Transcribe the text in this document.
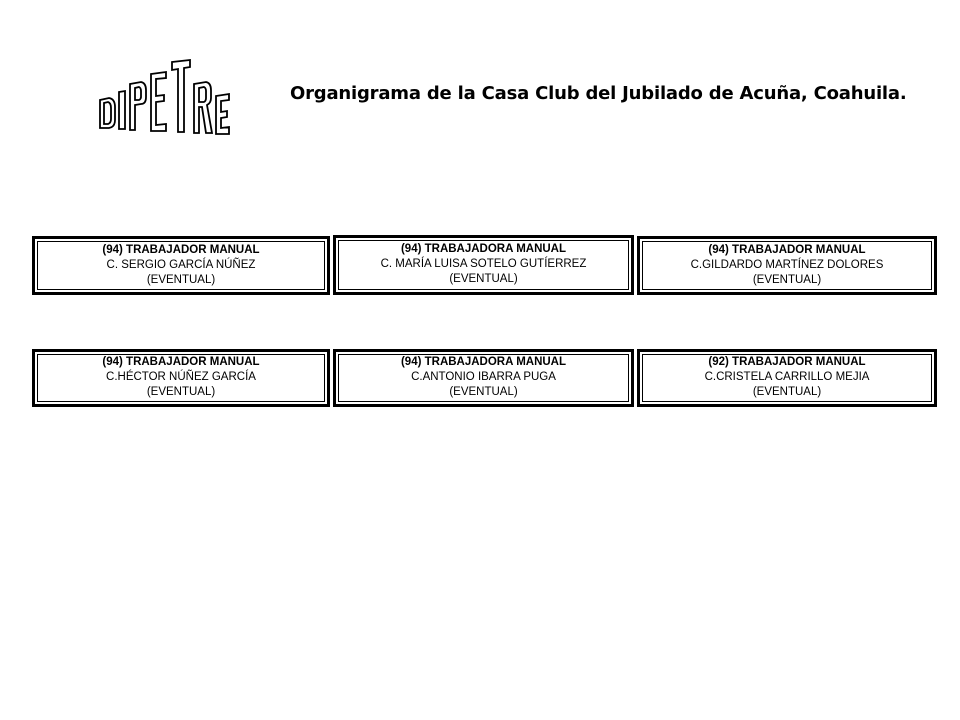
Organigrama de la Casa Club del Jubilado de Acuña, Coahuila.
(94) TRABAJADOR MANUAL
C. SERGIO GARCÍA NÚÑEZ
(EVENTUAL)
(94) TRABAJADORA MANUAL
C. MARÍA LUISA SOTELO GUTÍERREZ
(EVENTUAL)
(94) TRABAJADOR MANUAL
C.GILDARDO MARTÍNEZ DOLORES
(EVENTUAL)
(94) TRABAJADOR MANUAL
C.HÉCTOR NÚÑEZ GARCÍA
(EVENTUAL)
(94) TRABAJADORA MANUAL
C.ANTONIO IBARRA PUGA
(EVENTUAL)
(92) TRABAJADOR MANUAL
C.CRISTELA CARRILLO MEJIA
(EVENTUAL)
